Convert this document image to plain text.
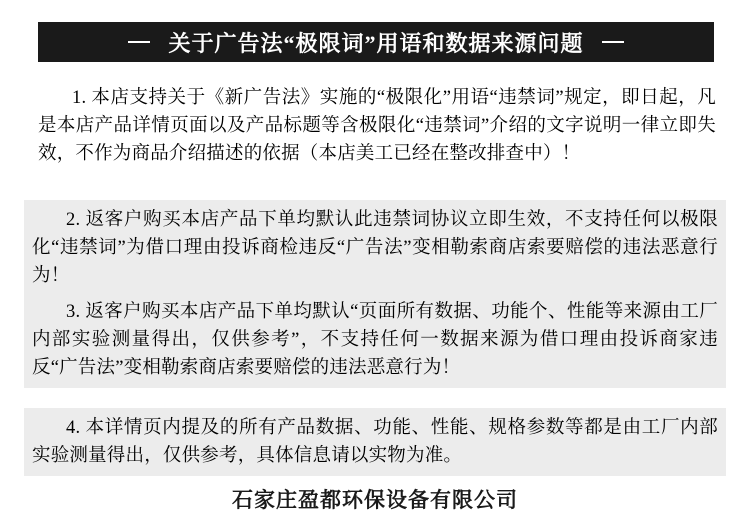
关于广告法“极限词”用语和数据来源问题
1. 本店支持关于《新广告法》实施的“极限化”用语“违禁词”规定，即日起，凡是本店产品详情页面以及产品标题等含极限化“违禁词”介绍的文字说明一律立即失效，不作为商品介绍描述的依据（本店美工已经在整改排查中）！
2. 返客户购买本店产品下单均默认此违禁词协议立即生效，不支持任何以极限化“违禁词”为借口理由投诉商检违反“广告法”变相勒索商店索要赔偿的违法恶意行为！
3. 返客户购买本店产品下单均默认“页面所有数据、功能个、性能等来源由工厂内部实验测量得出，仅供参考”，不支持任何一数据来源为借口理由投诉商家违反“广告法”变相勒索商店索要赔偿的违法恶意行为！
4. 本详情页内提及的所有产品数据、功能、性能、规格参数等都是由工厂内部实验测量得出，仅供参考，具体信息请以实物为准。
石家庄盈都环保设备有限公司
